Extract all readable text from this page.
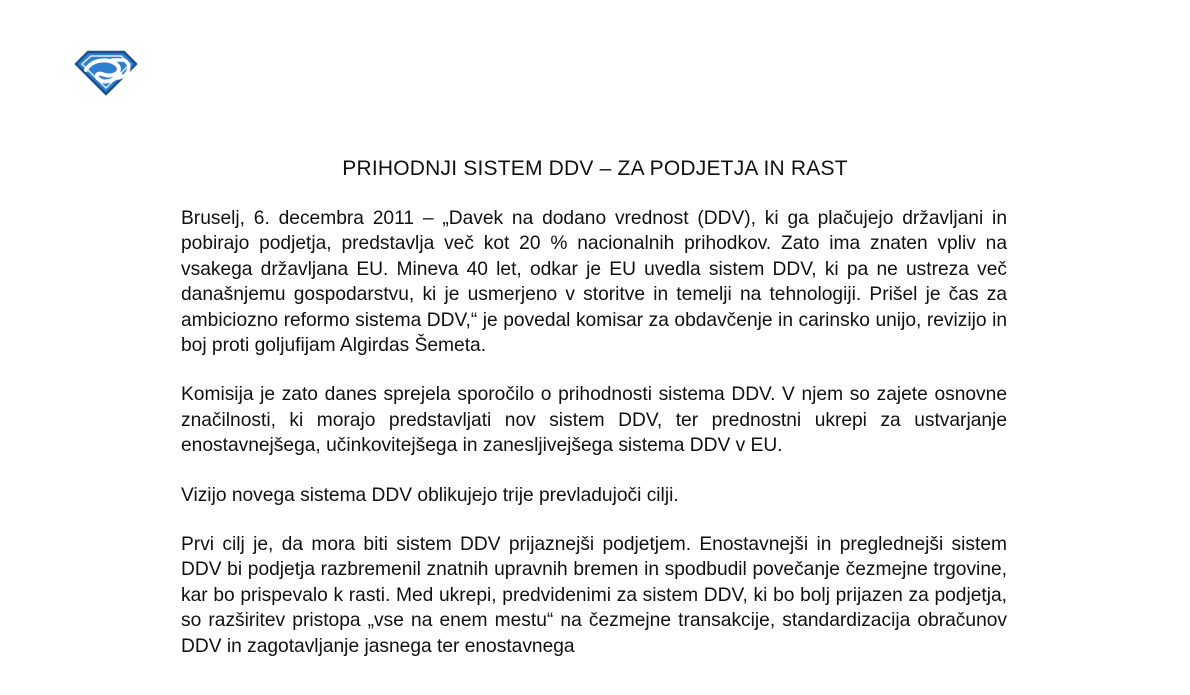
PRIHODNJI SISTEM DDV – ZA PODJETJA IN RAST

Bruselj, 6. decembra 2011 – „Davek na dodano vrednost (DDV), ki ga plačujejo državljani in pobirajo podjetja, predstavlja več kot 20 % nacionalnih prihodkov. Zato ima znaten vpliv na vsakega državljana EU. Mineva 40 let, odkar je EU uvedla sistem DDV, ki pa ne ustreza več današnjemu gospodarstvu, ki je usmerjeno v storitve in temelji na tehnologiji. Prišel je čas za ambiciozno reformo sistema DDV,“ je povedal komisar za obdavčenje in carinsko unijo, revizijo in boj proti goljufijam Algirdas Šemeta.

Komisija je zato danes sprejela sporočilo o prihodnosti sistema DDV. V njem so zajete osnovne značilnosti, ki morajo predstavljati nov sistem DDV, ter prednostni ukrepi za ustvarjanje enostavnejšega, učinkovitejšega in zanesljivejšega sistema DDV v EU.

Vizijo novega sistema DDV oblikujejo trije prevladujoči cilji.

Prvi cilj je, da mora biti sistem DDV prijaznejši podjetjem. Enostavnejši in preglednejši sistem DDV bi podjetja razbremenil znatnih upravnih bremen in spodbudil povečanje čezmejne trgovine, kar bo prispevalo k rasti. Med ukrepi, predvidenimi za sistem DDV, ki bo bolj prijazen za podjetja, so razširitev pristopa „vse na enem mestu“ na čezmejne transakcije, standardizacija obračunov DDV in zagotavljanje jasnega ter enostavnega
